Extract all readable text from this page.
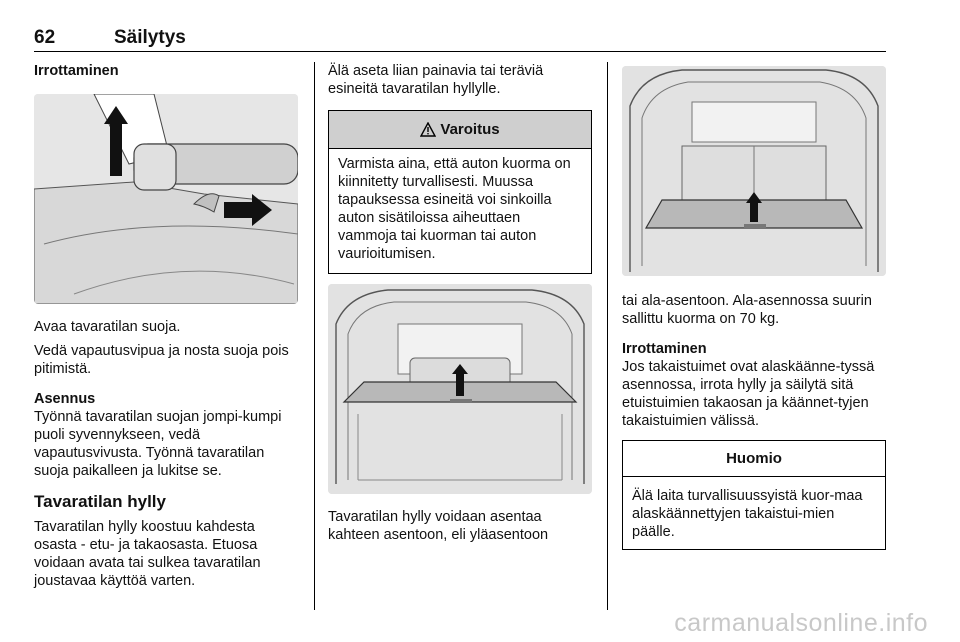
62	Säilytys
Irrottaminen
Avaa tavaratilan suoja.
Vedä vapautusvipua ja nosta suoja pois pitimistä.
Asennus
Työnnä tavaratilan suojan jompi-kumpi puoli syvennykseen, vedä vapautusvivusta. Työnnä tavaratilan suoja paikalleen ja lukitse se.
Tavaratilan hylly
Tavaratilan hylly koostuu kahdesta osasta - etu- ja takaosasta. Etuosa voidaan avata tai sulkea tavaratilan joustavaa käyttöä varten.
Älä aseta liian painavia tai teräviä esineitä tavaratilan hyllylle.
Varoitus
Varmista aina, että auton kuorma on kiinnitetty turvallisesti. Muussa tapauksessa esineitä voi sinkoilla auton sisätiloissa aiheuttaen vammoja tai kuorman tai auton vaurioitumisen.
Tavaratilan hylly voidaan asentaa kahteen asentoon, eli yläasentoon
tai ala-asentoon. Ala-asennossa suurin sallittu kuorma on 70 kg.
Irrottaminen
Jos takaistuimet ovat alaskäänne-tyssä asennossa, irrota hylly ja säilytä sitä etuistuimien takaosan ja käännet-tyjen takaistuimien välissä.
Huomio
Älä laita turvallisuussyistä kuor-maa alaskäännettyjen takaistui-mien päälle.
carmanualsonline.info
